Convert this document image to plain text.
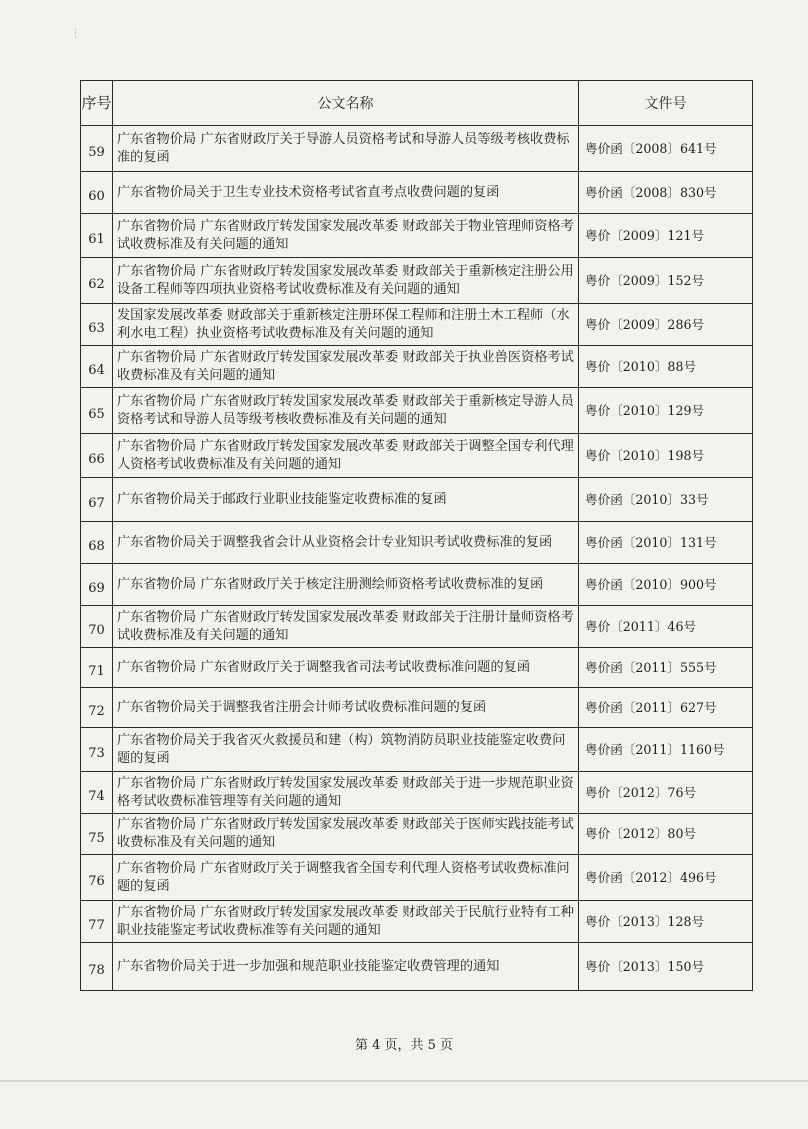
序号	公文名称	文件号
59	广东省物价局 广东省财政厅关于导游人员资格考试和导游人员等级考核收费标准的复函	粤价函〔2008〕641号
60	广东省物价局关于卫生专业技术资格考试省直考点收费问题的复函	粤价函〔2008〕830号
61	广东省物价局 广东省财政厅转发国家发展改革委 财政部关于物业管理师资格考试收费标准及有关问题的通知	粤价〔2009〕121号
62	广东省物价局 广东省财政厅转发国家发展改革委 财政部关于重新核定注册公用设备工程师等四项执业资格考试收费标准及有关问题的通知	粤价〔2009〕152号
63	发国家发展改革委 财政部关于重新核定注册环保工程师和注册土木工程师（水利水电工程）执业资格考试收费标准及有关问题的通知	粤价〔2009〕286号
64	广东省物价局 广东省财政厅转发国家发展改革委 财政部关于执业兽医资格考试收费标准及有关问题的通知	粤价〔2010〕88号
65	广东省物价局 广东省财政厅转发国家发展改革委 财政部关于重新核定导游人员资格考试和导游人员等级考核收费标准及有关问题的通知	粤价〔2010〕129号
66	广东省物价局 广东省财政厅转发国家发展改革委 财政部关于调整全国专利代理人资格考试收费标准及有关问题的通知	粤价〔2010〕198号
67	广东省物价局关于邮政行业职业技能鉴定收费标准的复函	粤价函〔2010〕33号
68	广东省物价局关于调整我省会计从业资格会计专业知识考试收费标准的复函	粤价函〔2010〕131号
69	广东省物价局 广东省财政厅关于核定注册测绘师资格考试收费标准的复函	粤价函〔2010〕900号
70	广东省物价局 广东省财政厅转发国家发展改革委 财政部关于注册计量师资格考试收费标准及有关问题的通知	粤价〔2011〕46号
71	广东省物价局 广东省财政厅关于调整我省司法考试收费标准问题的复函	粤价函〔2011〕555号
72	广东省物价局关于调整我省注册会计师考试收费标准问题的复函	粤价函〔2011〕627号
73	广东省物价局关于我省灭火救援员和建（构）筑物消防员职业技能鉴定收费问题的复函	粤价函〔2011〕1160号
74	广东省物价局 广东省财政厅转发国家发展改革委 财政部关于进一步规范职业资格考试收费标准管理等有关问题的通知	粤价〔2012〕76号
75	广东省物价局 广东省财政厅转发国家发展改革委 财政部关于医师实践技能考试收费标准及有关问题的通知	粤价〔2012〕80号
76	广东省物价局 广东省财政厅关于调整我省全国专利代理人资格考试收费标准问题的复函	粤价函〔2012〕496号
77	广东省物价局 广东省财政厅转发国家发展改革委 财政部关于民航行业特有工种职业技能鉴定考试收费标准等有关问题的通知	粤价〔2013〕128号
78	广东省物价局关于进一步加强和规范职业技能鉴定收费管理的通知	粤价〔2013〕150号
第 4 页，共 5 页
